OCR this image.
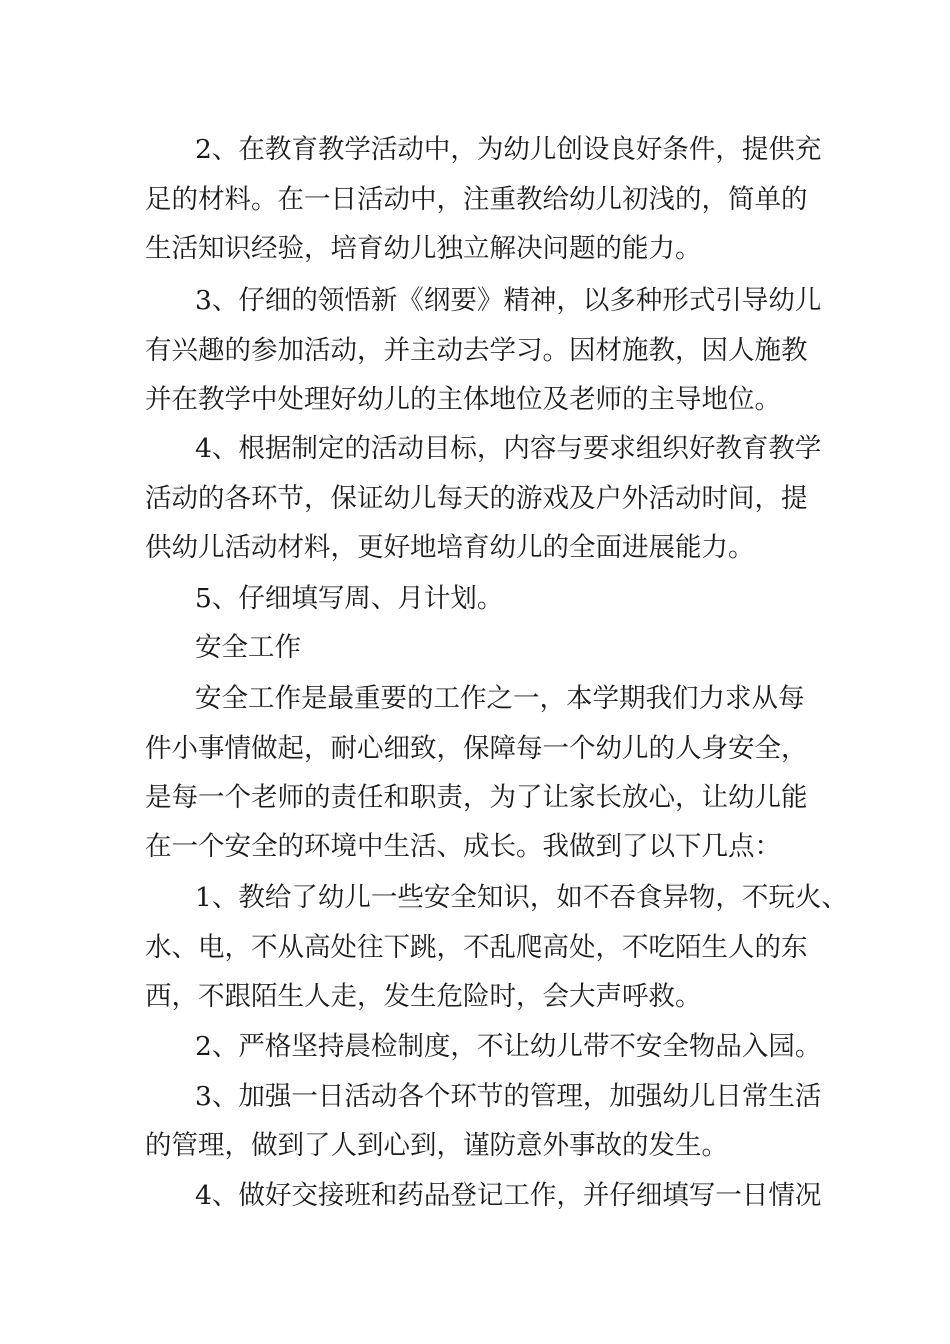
2、在教育教学活动中，为幼儿创设良好条件，提供充
足的材料。在一日活动中，注重教给幼儿初浅的，简单的
生活知识经验，培育幼儿独立解决问题的能力。
3、仔细的领悟新《纲要》精神，以多种形式引导幼儿
有兴趣的参加活动，并主动去学习。因材施教，因人施教
并在教学中处理好幼儿的主体地位及老师的主导地位。
4、根据制定的活动目标，内容与要求组织好教育教学
活动的各环节，保证幼儿每天的游戏及户外活动时间，提
供幼儿活动材料，更好地培育幼儿的全面进展能力。
5、仔细填写周、月计划。
安全工作
安全工作是最重要的工作之一，本学期我们力求从每
件小事情做起，耐心细致，保障每一个幼儿的人身安全，
是每一个老师的责任和职责，为了让家长放心，让幼儿能
在一个安全的环境中生活、成长。我做到了以下几点：
1、教给了幼儿一些安全知识，如不吞食异物，不玩火、
水、电，不从高处往下跳，不乱爬高处，不吃陌生人的东
西，不跟陌生人走，发生危险时，会大声呼救。
2、严格坚持晨检制度，不让幼儿带不安全物品入园。
3、加强一日活动各个环节的管理，加强幼儿日常生活
的管理，做到了人到心到，谨防意外事故的发生。
4、做好交接班和药品登记工作，并仔细填写一日情况
